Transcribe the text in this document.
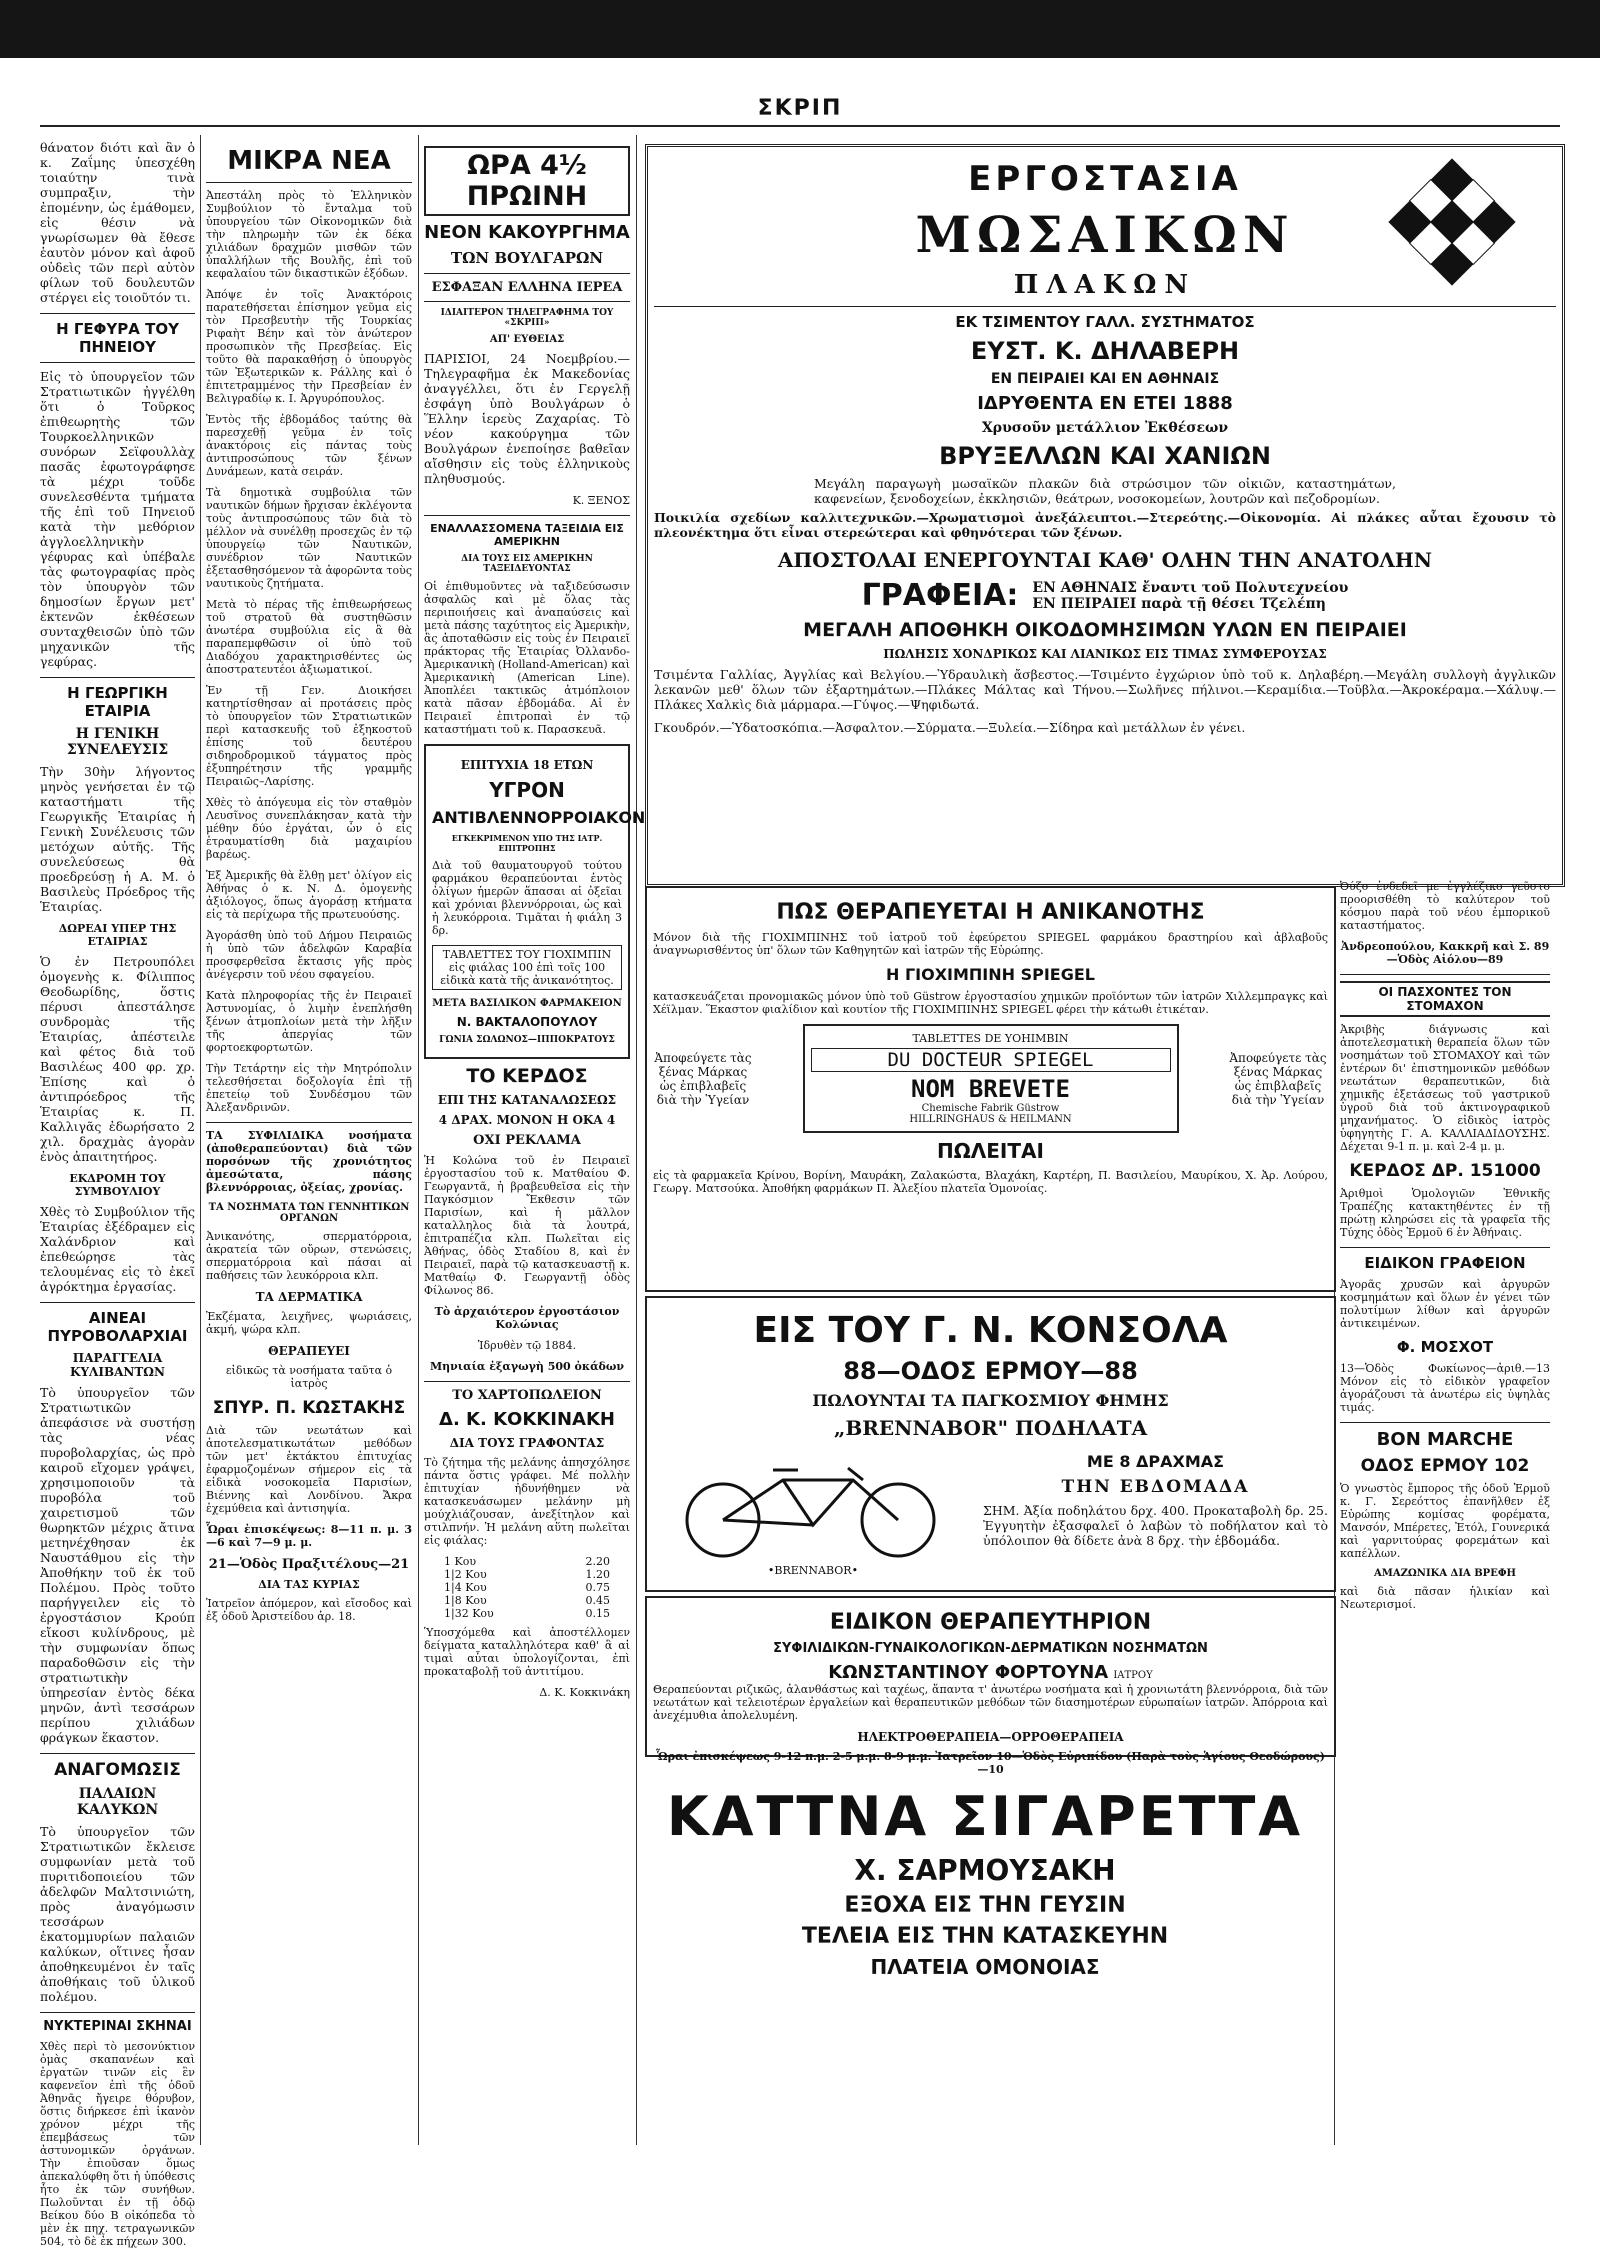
ΣΚΡΙΠ

θάνατον διότι καὶ ἂν ὁ κ. Ζαΐμης ὑπεσχέθη τοιαύτην τινὰ συμπραξιν, τὴν ἐπομένην, ὡς ἐμάθομεν, εἰς θέσιν νὰ γνωρίσωμεν θὰ ἔθεσε ἑαυτὸν μόνον καὶ ἀφοῦ οὐδεὶς τῶν περὶ αὐτὸν φίλων τοῦ δουλευτῶν στέργει εἰς τοιοῦτόν τι.

Η ΓΕΦΥΡΑ ΤΟΥ ΠΗΝΕΙΟΥ

Εἰς τὸ ὑπουργεῖον τῶν Στρατιωτικῶν ἠγγέλθη ὅτι ὁ Τοῦρκος ἐπιθεωρητὴς τῶν Τουρκοελληνικῶν συνόρων Σεϊφουλλὰχ πασᾶς ἐφωτογράφησε τὰ μέχρι τοῦδε συνελεσθέντα τμήματα τῆς ἐπὶ τοῦ Πηνειοῦ κατὰ τὴν μεθόριον ἀγγλοελληνικὴν γέφυρας καὶ ὑπέβαλε τὰς φωτογραφίας πρὸς τὸν ὑπουργὸν τῶν δημοσίων ἔργων μετ' ἐκτενῶν ἐκθέσεων συνταχθεισῶν ὑπὸ τῶν μηχανικῶν τῆς γεφύρας.

Η ΓΕΩΡΓΙΚΗ ΕΤΑΙΡΙΑ
Η ΓΕΝΙΚΗ ΣΥΝΕΛΕΥΣΙΣ

Τὴν 30ὴν λήγοντος μηνὸς γενήσεται ἐν τῷ καταστήματι τῆς Γεωργικῆς Ἑταιρίας ἡ Γενικὴ Συνέλευσις τῶν μετόχων αὐτῆς. Τῆς συνελεύσεως θὰ προεδρεύσῃ ἡ Α. Μ. ὁ Βασιλεὺς Πρόεδρος τῆς Ἑταιρίας.

ΔΩΡΕΑΙ ΥΠΕΡ ΤΗΣ ΕΤΑΙΡΙΑΣ

Ὁ ἐν Πετρουπόλει ὁμογενὴς κ. Φίλιππος Θεοδωρίδης, ὅστις πέρυσι ἀπεστάλησε συνδρομὰς τῆς Ἑταιρίας, ἀπέστειλε καὶ φέτος διὰ τοῦ Βασιλέως 400 φρ. χρ. Ἐπίσης καὶ ὁ ἀντιπρόεδρος τῆς Ἑταιρίας κ. Π. Καλλιγᾶς ἐδωρήσατο 2 χιλ. δραχμὰς ἀγορὰν ἐνὸς ἀπαιτητήρος.

ΕΚΔΡΟΜΗ ΤΟΥ ΣΥΜΒΟΥΛΙΟΥ

Χθὲς τὸ Συμβούλιον τῆς Ἑταιρίας ἐξέδραμεν εἰς Χαλάνδριον καὶ ἐπεθεώρησε τὰς τελουμένας εἰς τὸ ἐκεῖ ἀγρόκτημα ἐργασίας.

ΑΙΝΕΑΙ ΠΥΡΟΒΟΛΑΡΧΙΑΙ
ΠΑΡΑΓΓΕΛΙΑ ΚΥΛΙΒΑΝΤΩΝ

Τὸ ὑπουργεῖον τῶν Στρατιωτικῶν ἀπεφάσισε νὰ συστήσῃ τὰς νέας πυροβολαρχίας, ὡς πρὸ καιροῦ εἴχομεν γράψει, χρησιμοποιοῦν τὰ πυροβόλα τοῦ χαιρετισμοῦ τῶν θωρηκτῶν μέχρις ἄτινα μετηνέχθησαν ἐκ Ναυστάθμου εἰς τὴν Ἀποθήκην τοῦ ἐκ τοῦ Πολέμου. Πρὸς τοῦτο παρήγγειλεν εἰς τὸ ἐργοστάσιον Κρούπ εἴκοσι κυλίνδρους, μὲ τὴν συμφωνίαν ὅπως παραδοθῶσιν εἰς τὴν στρατιωτικὴν ὑπηρεσίαν ἐντὸς δέκα μηνῶν, ἀντὶ τεσσάρων περίπου χιλιάδων φράγκων ἕκαστον.

ΑΝΑΓΟΜΩΣΙΣ
ΠΑΛΑΙΩΝ ΚΑΛΥΚΩΝ

Τὸ ὑπουργεῖον τῶν Στρατιωτικῶν ἔκλεισε συμφωνίαν μετὰ τοῦ πυριτιδοποιείου τῶν ἀδελφῶν Μαλτσινιώτη, πρὸς ἀναγόμωσιν τεσσάρων ἑκατομμυρίων παλαιῶν καλύκων, οἵτινες ἦσαν ἀποθηκευμένοι ἐν ταῖς ἀποθήκαις τοῦ ὑλικοῦ πολέμου.

ΝΥΚΤΕΡΙΝΑΙ ΣΚΗΝΑΙ

Χθὲς περὶ τὸ μεσονύκτιον ὁμὰς σκαπανέων καὶ ἐργατῶν τινῶν εἰς ἓν καφενεῖον ἐπὶ τῆς ὁδοῦ Ἀθηνᾶς ἤγειρε θόρυβον, ὅστις διήρκεσε ἐπὶ ἱκανὸν χρόνον μέχρι τῆς ἐπεμβάσεως τῶν ἀστυνομικῶν ὀργάνων. Τὴν ἐπιοῦσαν ὅμως ἀπεκαλύφθη ὅτι ἡ ὑπόθεσις ἦτο ἐκ τῶν συνήθων. Πωλοῦνται ἐν τῇ ὁδῷ Βείκου δύο Β οἰκόπεδα τὸ μὲν ἐκ πηχ. τετραγωνικῶν 504, τὸ δὲ ἐκ πήχεων 300.

ΜΙΚΡΑ ΝΕΑ

Ἀπεστάλη πρὸς τὸ Ἑλληνικὸν Συμβούλιον τὸ ἔνταλμα τοῦ ὑπουργείου τῶν Οἰκονομικῶν διὰ τὴν πληρωμὴν τῶν ἐκ δέκα χιλιάδων δραχμῶν μισθῶν τῶν ὑπαλλήλων τῆς Βουλῆς, ἐπὶ τοῦ κεφαλαίου τῶν δικαστικῶν ἐξόδων.

Ἀπόψε ἐν τοῖς Ἀνακτόροις παρατεθήσεται ἐπίσημον γεῦμα εἰς τὸν Πρεσβευτὴν τῆς Τουρκίας Ριφαὴτ Βέην καὶ τὸν ἀνώτερον προσωπικὸν τῆς Πρεσβείας. Εἰς τοῦτο θὰ παρακαθήσῃ ὁ ὑπουργὸς τῶν Ἐξωτερικῶν κ. Ράλλης καὶ ὁ ἐπιτετραμμένος τὴν Πρεσβείαν ἐν Βελιγραδίῳ κ. Ι. Ἀργυρόπουλος.

Ἐντὸς τῆς ἐβδομάδος ταύτης θὰ παρεσχεθῇ γεῦμα ἐν τοῖς ἀνακτόροις εἰς πάντας τοὺς ἀντιπροσώπους τῶν ξένων Δυνάμεων, κατὰ σειράν.

Τὰ δημοτικὰ συμβούλια τῶν ναυτικῶν δήμων ἤρχισαν ἐκλέγοντα τοὺς ἀντιπροσώπους τῶν διὰ τὸ μέλλον νὰ συνέλθῃ προσεχῶς ἐν τῷ ὑπουργείῳ τῶν Ναυτικῶν, συνέδριον τῶν Ναυτικῶν ἐξετασθησόμενον τὰ ἀφορῶντα τοὺς ναυτικοὺς ζητήματα.

Μετὰ τὸ πέρας τῆς ἐπιθεωρήσεως τοῦ στρατοῦ θὰ συστηθῶσιν ἀνωτέρα συμβούλια εἰς ἃ θὰ παραπεμφθῶσιν οἱ ὑπὸ τοῦ Διαδόχου χαρακτηρισθέντες ὡς ἀποστρατευτέοι ἀξιωματικοί.

Ἐν τῇ Γεν. Διοικήσει κατηρτίσθησαν αἱ προτάσεις πρὸς τὸ ὑπουργεῖον τῶν Στρατιωτικῶν περὶ κατασκευῆς τοῦ ἐξηκοστοῦ ἐπίσης τοῦ δευτέρου σιδηροδρομικοῦ τάγματος πρὸς ἐξυπηρέτησιν τῆς γραμμῆς Πειραιῶς–Λαρίσης.

Χθὲς τὸ ἀπόγευμα εἰς τὸν σταθμὸν Λευσῖνος συνεπλάκησαν κατὰ τὴν μέθην δύο ἐργάται, ὧν ὁ εἷς ἐτραυματίσθη διὰ μαχαιρίου βαρέως.

Ἐξ Ἀμερικῆς θὰ ἔλθῃ μετ' ὀλίγον εἰς Ἀθήνας ὁ κ. Ν. Δ. ὁμογενὴς ἀξιόλογος, ὅπως ἀγοράσῃ κτήματα εἰς τὰ περίχωρα τῆς πρωτευούσης.

Ἀγοράσθη ὑπὸ τοῦ Δήμου Πειραιῶς ἡ ὑπὸ τῶν ἀδελφῶν Καραβία προσφερθεῖσα ἔκτασις γῆς πρὸς ἀνέγερσιν τοῦ νέου σφαγείου.

Κατὰ πληροφορίας τῆς ἐν Πειραιεῖ Ἀστυνομίας, ὁ λιμὴν ἐνεπλήσθη ξένων ἀτμοπλοίων μετὰ τὴν λῆξιν τῆς ἀπεργίας τῶν φορτοεκφορτωτῶν.

Τὴν Τετάρτην εἰς τὴν Μητρόπολιν τελεσθήσεται δοξολογία ἐπὶ τῇ ἐπετείῳ τοῦ Συνδέσμου τῶν Ἀλεξανδρινῶν.

ΤΑ ΣΥΦΙΛΙΔΙΚΑ νοσήματα (ἀποθεραπεύονται) διὰ τῶν πορσόνων τῆς χρονιότητος ἀμεσώτατα, πάσης βλεννόρροιας, ὀξείας, χρονίας.

ΤΑ ΝΟΣΗΜΑΤΑ ΤΩΝ ΓΕΝΝΗΤΙΚΩΝ ΟΡΓΑΝΩΝ

Ἀνικανότης, σπερματόρροια, ἀκρατεία τῶν οὔρων, στενώσεις, σπερματόρροια καὶ πάσαι αἱ παθήσεις τῶν λευκόρροια κλπ.

ΤΑ ΔΕΡΜΑΤΙΚΑ

Ἐκζέματα, λειχῆνες, ψωριάσεις, ἀκμή, ψώρα κλπ.

ΘΕΡΑΠΕΥΕΙ

εἰδικῶς τὰ νοσήματα ταῦτα ὁ ἰατρὸς

ΣΠΥΡ. Π. ΚΩΣΤΑΚΗΣ

Διὰ τῶν νεωτάτων καὶ ἀποτελεσματικωτάτων μεθόδων τῶν μετ' ἐκτάκτου ἐπιτυχίας ἐφαρμοζομένων σήμερον εἰς τὰ εἰδικὰ νοσοκομεῖα Παρισίων, Βιέννης καὶ Λονδίνου. Ἄκρα ἐχεμύθεια καὶ ἀντισηψία.

Ὧραι ἐπισκέψεως: 8—11 π. μ. 3—6 καὶ 7—9 μ. μ.

21—Ὁδὸς Πραξιτέλους—21
ΔΙΑ ΤΑΣ ΚΥΡΙΑΣ

Ἰατρεῖον ἀπόμερον, καὶ εἴσοδος καὶ ἐξ ὁδοῦ Ἀριστείδου ἀρ. 18.

ΩΡΑ 4½ ΠΡΩΙΝΗ
ΝΕΟΝ ΚΑΚΟΥΡΓΗΜΑ
ΤΩΝ ΒΟΥΛΓΑΡΩΝ
ΕΣΦΑΞΑΝ ΕΛΛΗΝΑ ΙΕΡΕΑ
ΙΔΙΑΙΤΕΡΟΝ ΤΗΛΕΓΡΑΦΗΜΑ ΤΟΥ «ΣΚΡΙΠ»
ΑΠ' ΕΥΘΕΙΑΣ

ΠΑΡΙΣΙΟΙ, 24 Νοεμβρίου.— Τηλεγραφῆμα ἐκ Μακεδονίας ἀναγγέλλει, ὅτι ἐν Γεργελῇ ἐσφάγη ὑπὸ Βουλγάρων ὁ Ἕλλην ἱερεὺς Ζαχαρίας. Τὸ νέον κακούργημα τῶν Βουλγάρων ἐνεποίησε βαθεῖαν αἴσθησιν εἰς τοὺς ἑλληνικοὺς πληθυσμούς.

Κ. ΞΕΝΟΣ

ΕΝΑΛΛΑΣΣΟΜΕΝΑ ΤΑΞΕΙΔΙΑ ΕΙΣ ΑΜΕΡΙΚΗΝ
ΔΙΑ ΤΟΥΣ ΕΙΣ ΑΜΕΡΙΚΗΝ ΤΑΞΕΙΔΕΥΟΝΤΑΣ

Οἱ ἐπιθυμοῦντες νὰ ταξιδεύσωσιν ἀσφαλῶς καὶ μὲ ὅλας τὰς περιποιήσεις καὶ ἀναπαύσεις καὶ μετὰ πάσης ταχύτητος εἰς Ἀμερικὴν, ἂς ἀποταθῶσιν εἰς τοὺς ἐν Πειραιεῖ πράκτορας τῆς Ἑταιρίας Ὀλλανδο-Ἀμερικανικὴ (Holland-American) καὶ Ἀμερικανικὴ (American Line). Ἀποπλέει τακτικῶς ἀτμόπλοιον κατὰ πᾶσαν ἑβδομάδα. Αἱ ἐν Πειραιεῖ ἐπιτροπαὶ ἐν τῷ καταστήματι τοῦ κ. Παρασκευᾶ.

ΕΠΙΤΥΧΙΑ 18 ΕΤΩΝ
ΥΓΡΟΝ
ΑΝΤΙΒΛΕΝΝΟΡΡΟΙΑΚΟΝ
ΕΓΚΕΚΡΙΜΕΝΟΝ ΥΠΟ ΤΗΣ ΙΑΤΡ. ΕΠΙΤΡΟΠΗΣ

Διὰ τοῦ θαυματουργοῦ τούτου φαρμάκου θεραπεύονται ἐντὸς ὀλίγων ἡμερῶν ἅπασαι αἱ ὀξεῖαι καὶ χρόνιαι βλεννόρροιαι, ὡς καὶ ἡ λευκόρροια. Τιμᾶται ἡ φιάλη 3 δρ.

ΤΑΒΛΕΤΤΕΣ ΤΟΥ ΓΙΟΧΙΜΠΙΝ εἰς φιάλας 100 ἐπὶ τοῖς 100 εἰδικὰ κατὰ τῆς ἀνικανότητος.

ΜΕΤΑ ΒΑΣΙΛΙΚΟΝ ΦΑΡΜΑΚΕΙΟΝ
Ν. ΒΑΚΤΑΛΟΠΟΥΛΟΥ
ΓΩΝΙΑ ΣΩΛΩΝΟΣ—ΙΠΠΟΚΡΑΤΟΥΣ
ΤΟ ΚΕΡΔΟΣ
ΕΠΙ ΤΗΣ ΚΑΤΑΝΑΛΩΣΕΩΣ
4 ΔΡΑΧ. ΜΟΝΟΝ Η ΟΚΑ 4
ΟΧΙ ΡΕΚΛΑΜΑ

Ἡ Κολώνα τοῦ ἐν Πειραιεῖ ἐργοστασίου τοῦ κ. Ματθαίου Φ. Γεωργαντᾶ, ἡ βραβευθεῖσα εἰς τὴν Παγκόσμιον Ἔκθεσιν τῶν Παρισίων, καὶ ἡ μᾶλλον καταλληλος διὰ τὰ λουτρά, ἐπιτραπέζια κλπ. Πωλεῖται εἰς Ἀθήνας, ὁδὸς Σταδίου 8, καὶ ἐν Πειραιεῖ, παρὰ τῷ κατασκευαστῇ κ. Ματθαίῳ Φ. Γεωργαντῇ ὁδὸς Φίλωνος 86.

Τὸ ἀρχαιότερον ἐργοστάσιον Κολώνιας

Ἱδρυθὲν τῷ 1884.

Μηνιαία ἐξαγωγὴ 500 ὀκάδων

ΤΟ ΧΑΡΤΟΠΩΛΕΙΟΝ
Δ. Κ. ΚΟΚΚΙΝΑΚΗ
ΔΙΑ ΤΟΥΣ ΓΡΑΦΟΝΤΑΣ

Τὸ ζήτημα τῆς μελάνης ἀπησχόλησε πάντα ὅστις γράφει. Μέ πολλὴν ἐπιτυχίαν ἠδυνήθημεν νὰ κατασκευάσωμεν μελάνην μὴ μούχλιάζουσαν, ἀνεξίτηλον καὶ στιλπνήν. Ἡ μελάνη αὕτη πωλεῖται εἰς φιάλας:

1 Κου	2.20
1|2 Κου	1.20
1|4 Κου	0.75
1|8 Κου	0.45
1|32 Κου	0.15

Ὑποσχόμεθα καὶ ἀποστέλλομεν δείγματα καταλληλότερα καθ' ἃ αἱ τιμαὶ αὗται ὑπολογίζονται, ἐπὶ προκαταβολῇ τοῦ ἀντιτίμου.

Δ. Κ. Κοκκινάκη

ΕΡΓΟΣΤΑΣΙΑ
ΜΩΣΑΙΚΩΝ
ΠΛΑΚΩΝ
ΕΚ ΤΣΙΜΕΝΤΟΥ ΓΑΛΛ. ΣΥΣΤΗΜΑΤΟΣ
ΕΥΣΤ. Κ. ΔΗΛΑΒΕΡΗ
ΕΝ ΠΕΙΡΑΙΕΙ ΚΑΙ ΕΝ ΑΘΗΝΑΙΣ
ΙΔΡΥΘΕΝΤΑ ΕΝ ΕΤΕΙ 1888
Χρυσοῦν μετάλλιον Ἐκθέσεων
ΒΡΥΞΕΛΛΩΝ ΚΑΙ ΧΑΝΙΩΝ

Μεγάλη παραγωγὴ μωσαϊκῶν πλακῶν διὰ στρώσιμον τῶν οἰκιῶν, καταστημάτων, καφενείων, ξενοδοχείων, ἐκκλησιῶν, θεάτρων, νοσοκομείων, λουτρῶν καὶ πεζοδρομίων.

Ποικιλία σχεδίων καλλιτεχνικῶν.—Χρωματισμοὶ ἀνεξάλειπτοι.—Στερεότης.—Οἰκονομία. Αἱ πλάκες αὗται ἔχουσιν τὸ πλεονέκτημα ὅτι εἶναι στερεώτεραι καὶ φθηνότεραι τῶν ξένων.

ΑΠΟΣΤΟΛΑΙ ΕΝΕΡΓΟΥΝΤΑΙ ΚΑΘ' ΟΛΗΝ ΤΗΝ ΑΝΑΤΟΛΗΝ
ΓΡΑΦΕΙΑ: ΕΝ ΑΘΗΝΑΙΣ ἔναντι τοῦ Πολυτεχνείου
ΕΝ ΠΕΙΡΑΙΕΙ παρὰ τῇ θέσει Τζελέπη
ΜΕΓΑΛΗ ΑΠΟΘΗΚΗ ΟΙΚΟΔΟΜΗΣΙΜΩΝ ΥΛΩΝ ΕΝ ΠΕΙΡΑΙΕΙ
ΠΩΛΗΣΙΣ ΧΟΝΔΡΙΚΩΣ ΚΑΙ ΛΙΑΝΙΚΩΣ ΕΙΣ ΤΙΜΑΣ ΣΥΜΦΕΡΟΥΣΑΣ

Τσιμέντα Γαλλίας, Ἀγγλίας καὶ Βελγίου.—Ὑδραυλικὴ ἄσβεστος.—Τσιμέντο ἐγχώριον ὑπὸ τοῦ κ. Δηλαβέρη.—Μεγάλη συλλογὴ ἀγγλικῶν λεκανῶν μεθ' ὅλων τῶν ἐξαρτημάτων.—Πλάκες Μάλτας καὶ Τήνου.—Σωλῆνες πήλινοι.—Κεραμίδια.—Τοῦβλα.—Ἀκροκέραμα.—Χάλυψ.—Πλάκες Χαλκὶς διὰ μάρμαρα.—Γύψος.—Ψηφιδωτά.

Γκουδρόν.—Ὑδατοσκόπια.—Ἀσφαλτον.—Σύρματα.—Ξυλεία.—Σίδηρα καὶ μετάλλων ἐν γένει.

ΠΩΣ ΘΕΡΑΠΕΥΕΤΑΙ Η ΑΝΙΚΑΝΟΤΗΣ

Μόνον διὰ τῆς ΓΙΟΧΙΜΠΙΝΗΣ τοῦ ἰατροῦ τοῦ ἐφεύρετου SPIEGEL φαρμάκου δραστηρίου καὶ ἀβλαβοῦς ἀναγνωρισθέντος ὑπ' ὅλων τῶν Καθηγητῶν καὶ ἰατρῶν τῆς Εὐρώπης.

Η ΓΙΟΧΙΜΠΙΝΗ SPIEGEL

κατασκευάζεται προνομιακῶς μόνον ὑπὸ τοῦ Güstrow ἐργοστασίου χημικῶν προϊόντων τῶν ἰατρῶν Χιλλεμπραγκς καὶ Χέϊλμαν. Ἕκαστον φιαλίδιον καὶ κουτίον τῆς ΓΙΟΧΙΜΠΙΝΗΣ SPIEGEL φέρει τὴν κάτωθι ἐτικέταν.

Ἀποφεύγετε τὰς ξένας Μάρκας ὡς ἐπιβλαβεῖς διὰ τὴν Ὑγείαν
TABLETTES DE YOHIMBIN
DU DOCTEUR SPIEGEL
NOM BREVETE
Chemische Fabrik Güstrow
HILLRINGHAUS & HEILMANN
Ἀποφεύγετε τὰς ξένας Μάρκας ὡς ἐπιβλαβεῖς διὰ τὴν Ὑγείαν
ΠΩΛΕΙΤΑΙ

εἰς τὰ φαρμακεῖα Κρίνου, Βορίνη, Μαυράκη, Ζαλακώστα, Βλαχάκη, Καρτέρη, Π. Βασιλείου, Μαυρίκου, Χ. Ἀρ. Λούρου, Γεωργ. Ματσούκα. Ἀποθήκη φαρμάκων Π. Ἀλεξίου πλατεῖα Ὁμονοίας.

ΕΙΣ ΤΟΥ Γ. Ν. ΚΟΝΣΟΛΑ
88—ΟΔΟΣ ΕΡΜΟΥ—88
ΠΩΛΟΥΝΤΑΙ ΤΑ ΠΑΓΚΟΣΜΙΟΥ ΦΗΜΗΣ
„BRENNABOR" ΠΟΔΗΛΑΤΑ
•BRENNABOR•
ΜΕ 8 ΔΡΑΧΜΑΣ
ΤΗΝ ΕΒΔΟΜΑΔΑ

ΣΗΜ. Ἀξία ποδηλάτου δρχ. 400. Προκαταβολὴ δρ. 25. Ἐγγυητὴν ἐξασφαλεῖ ὁ λαβὼν τὸ ποδήλατον καὶ τὸ ὑπόλοιπον θὰ δίδετε ἀνὰ 8 δρχ. τὴν ἑβδομάδα.

ΕΙΔΙΚΟΝ ΘΕΡΑΠΕΥΤΗΡΙΟΝ
ΣΥΦΙΛΙΔΙΚΩΝ-ΓΥΝΑΙΚΟΛΟΓΙΚΩΝ-ΔΕΡΜΑΤΙΚΩΝ ΝΟΣΗΜΑΤΩΝ
ΚΩΝΣΤΑΝΤΙΝΟΥ ΦΟΡΤΟΥΝΑ ΙΑΤΡΟΥ

Θεραπεύονται ριζικῶς, ἀλανθάστως καὶ ταχέως, ἅπαντα τ' ἀνωτέρω νοσήματα καὶ ἡ χρονιωτάτη βλεννόρροια, διὰ τῶν νεωτάτων καὶ τελειοτέρων ἐργαλείων καὶ θεραπευτικῶν μεθόδων τῶν διασημοτέρων εὐρωπαίων ἰατρῶν. Ἀπόρροια καὶ ἀνεχέμυθια ἀπολελυμένη.

ΗΛΕΚΤΡΟΘΕΡΑΠΕΙΑ—ΟΡΡΟΘΕΡΑΠΕΙΑ

Ὧραι ἐπισκέψεως 9-12 π.μ. 2-5 μ.μ. 8-9 μ.μ. Ἰατρεῖον 10—Ὁδὸς Εὐριπίδου (Παρὰ τοὺς Ἁγίους Θεοδώρους)—10

ΚΑΤΤΝΑ ΣΙΓΑΡΕΤΤΑ
Χ. ΣΑΡΜΟΥΣΑΚΗ
ΕΞΟΧΑ ΕΙΣ ΤΗΝ ΓΕΥΣΙΝ
ΤΕΛΕΙΑ ΕΙΣ ΤΗΝ ΚΑΤΑΣΚΕΥΗΝ
ΠΛΑΤΕΙΑ ΟΜΟΝΟΙΑΣ

Ὀύζο ἐνδεδεῖ με ἐγγλέζικο γεῦστο προορισθέθη τὸ καλύτερον τοῦ κόσμου παρὰ τοῦ νέου ἐμπορικοῦ καταστήματος.

Ἀνδρεοπούλου, Κακκρῆ καὶ Σ. 89—Ὁδὸς Αἰόλου—89

ΟΙ ΠΑΣΧΟΝΤΕΣ ΤΟΝ ΣΤΟΜΑΧΟΝ

Ἀκριβὴς διάγνωσις καὶ ἀποτελεσματικὴ θεραπεία ὅλων τῶν νοσημάτων τοῦ ΣΤΟΜΑΧΟΥ καὶ τῶν ἐντέρων δι' ἐπιστημονικῶν μεθόδων νεωτάτων θεραπευτικῶν, διὰ χημικῆς ἐξετάσεως τοῦ γαστρικοῦ ὑγροῦ διὰ τοῦ ἀκτινογραφικοῦ μηχανήματος. Ὁ εἰδικὸς ἰατρὸς ὑφηγητὴς Γ. Α. ΚΑΛΛΙΑΔΙΔΟΥΣΗΣ. Δέχεται 9-1 π. μ. καὶ 2-4 μ. μ.

ΚΕΡΔΟΣ ΔΡ. 151000

Ἀριθμοὶ Ὁμολογιῶν Ἐθνικῆς Τραπέζης κατακτηθέντες ἐν τῇ πρώτῃ κληρώσει εἰς τὰ γραφεῖα τῆς Τύχης ὁδὸς Ἑρμοῦ 6 ἐν Ἀθήναις.

ΕΙΔΙΚΟΝ ΓΡΑΦΕΙΟΝ

Ἀγορᾶς χρυσῶν καὶ ἀργυρῶν κοσμημάτων καὶ ὅλων ἐν γένει τῶν πολυτίμων λίθων καὶ ἀργυρῶν ἀντικειμένων.

Φ. ΜΟΣΧΟΤ

13—Ὁδὸς Φωκίωνος—ἀριθ.—13 Μόνον εἰς τὸ εἰδικὸν γραφεῖον ἀγοράζουσι τὰ ἀνωτέρω εἰς ὑψηλὰς τιμάς.

BON MARCHE
ΟΔΟΣ ΕΡΜΟΥ 102

Ὁ γνωστὸς ἔμπορος τῆς ὁδοῦ Ἑρμοῦ κ. Γ. Σερεόττος ἐπανῆλθεν ἐξ Εὐρώπης κομίσας φορέματα, Μανσόν, Μπέρετες, Ἐτόλ, Γουνερικά καὶ γαρνιτούρας φορεμάτων καὶ καπέλλων.

ΑΜΑΖΩΝΙΚΑ ΔΙΑ ΒΡΕΦΗ

καὶ διὰ πᾶσαν ἡλικίαν καὶ Νεωτερισμοί.
